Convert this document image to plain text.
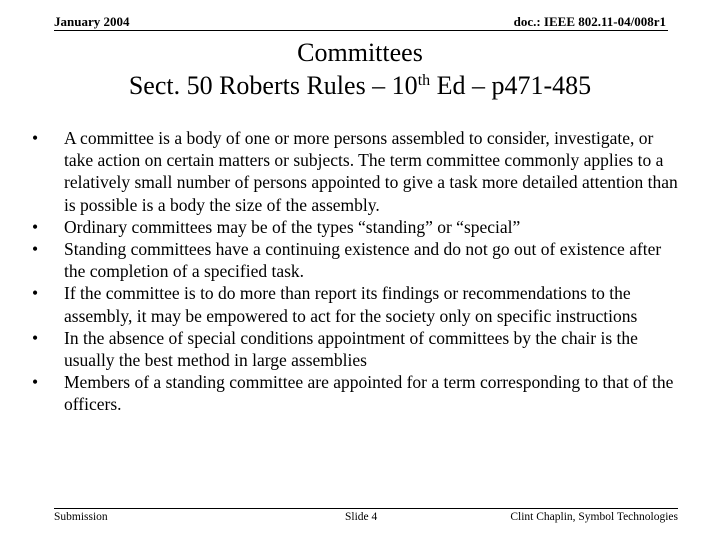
January 2004	doc.: IEEE 802.11-04/008r1
Committees
Sect. 50 Roberts Rules – 10th Ed – p471-485
•	A committee is a body of one or more persons assembled to consider, investigate, or take action on certain matters or subjects. The term committee commonly applies to a relatively small number of persons appointed to give a task more detailed attention than is possible is a body the size of the assembly.
•	Ordinary committees may be of the types “standing” or “special”
•	Standing committees have a continuing existence and do not go out of existence after the completion of a specified task.
•	If the committee is to do more than report its findings or recommendations to the assembly, it may be empowered to act for the society only on specific instructions
•	In the absence of special conditions appointment of committees by the chair is the usually the best method in large assemblies
•	Members of a standing committee are appointed for a term corresponding to that of the officers.
Submission	Slide 4	Clint Chaplin, Symbol Technologies
